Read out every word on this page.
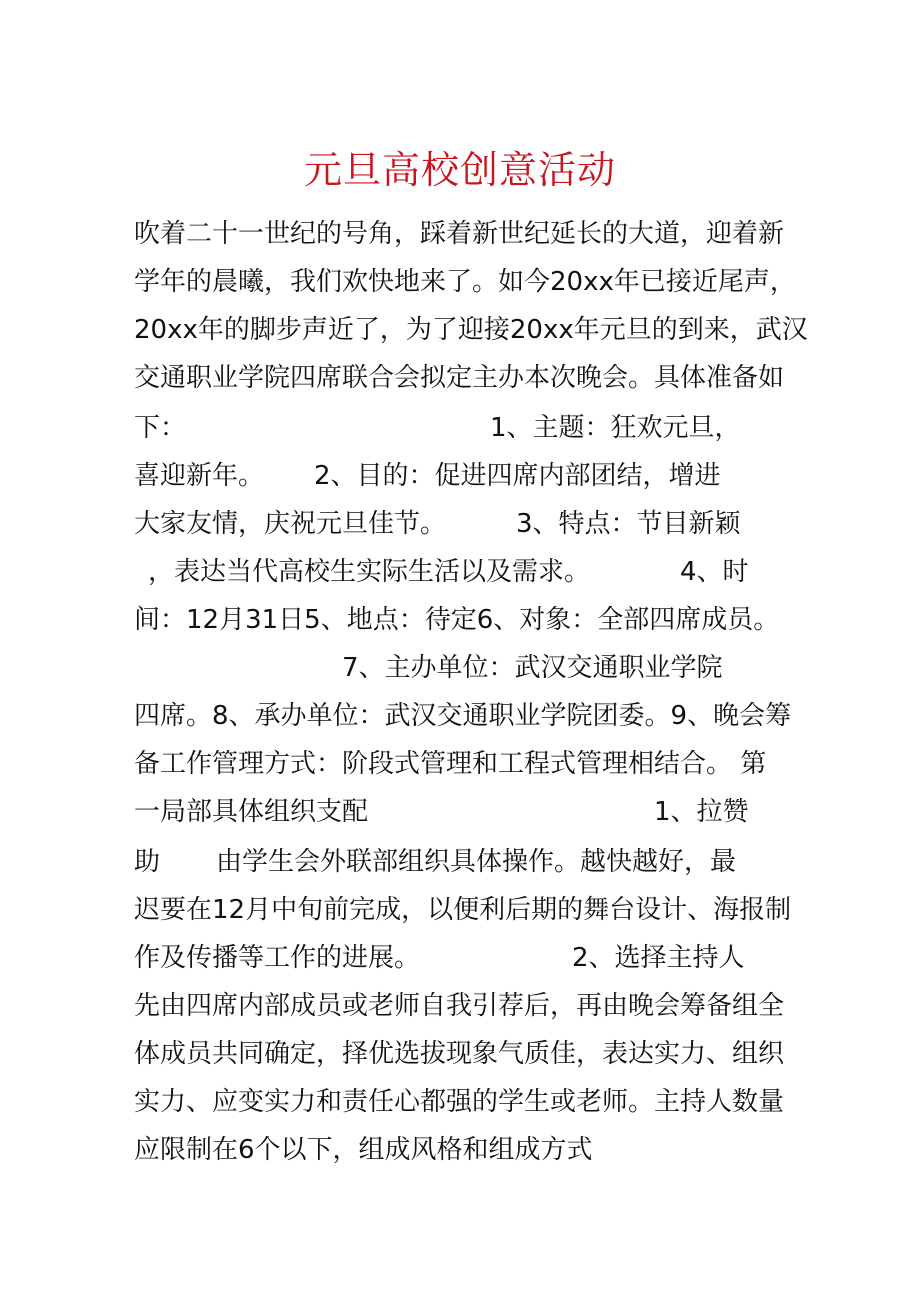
元旦高校创意活动
吹着二十一世纪的号角，踩着新世纪延长的大道，迎着新
学年的晨曦，我们欢快地来了。如今20xx年已接近尾声，
20xx年的脚步声近了，为了迎接20xx年元旦的到来，武汉
交通职业学院四席联合会拟定主办本次晚会。具体准备如
下：	1、主题：狂欢元旦，
喜迎新年。 2、目的：促进四席内部团结，增进
大家友情，庆祝元旦佳节。	3、特点：节目新颖
，表达当代高校生实际生活以及需求。	4、时
间：12月31日5、地点：待定6、对象：全部四席成员。
7、主办单位：武汉交通职业学院
四席。8、承办单位：武汉交通职业学院团委。9、晚会筹
备工作管理方式：阶段式管理和工程式管理相结合。 第
一局部具体组织支配	1、拉赞
助 由学生会外联部组织具体操作。越快越好，最
迟要在12月中旬前完成，以便利后期的舞台设计、海报制
作及传播等工作的进展。	2、选择主持人
先由四席内部成员或老师自我引荐后，再由晚会筹备组全
体成员共同确定，择优选拔现象气质佳，表达实力、组织
实力、应变实力和责任心都强的学生或老师。主持人数量
应限制在6个以下，组成风格和组成方式
